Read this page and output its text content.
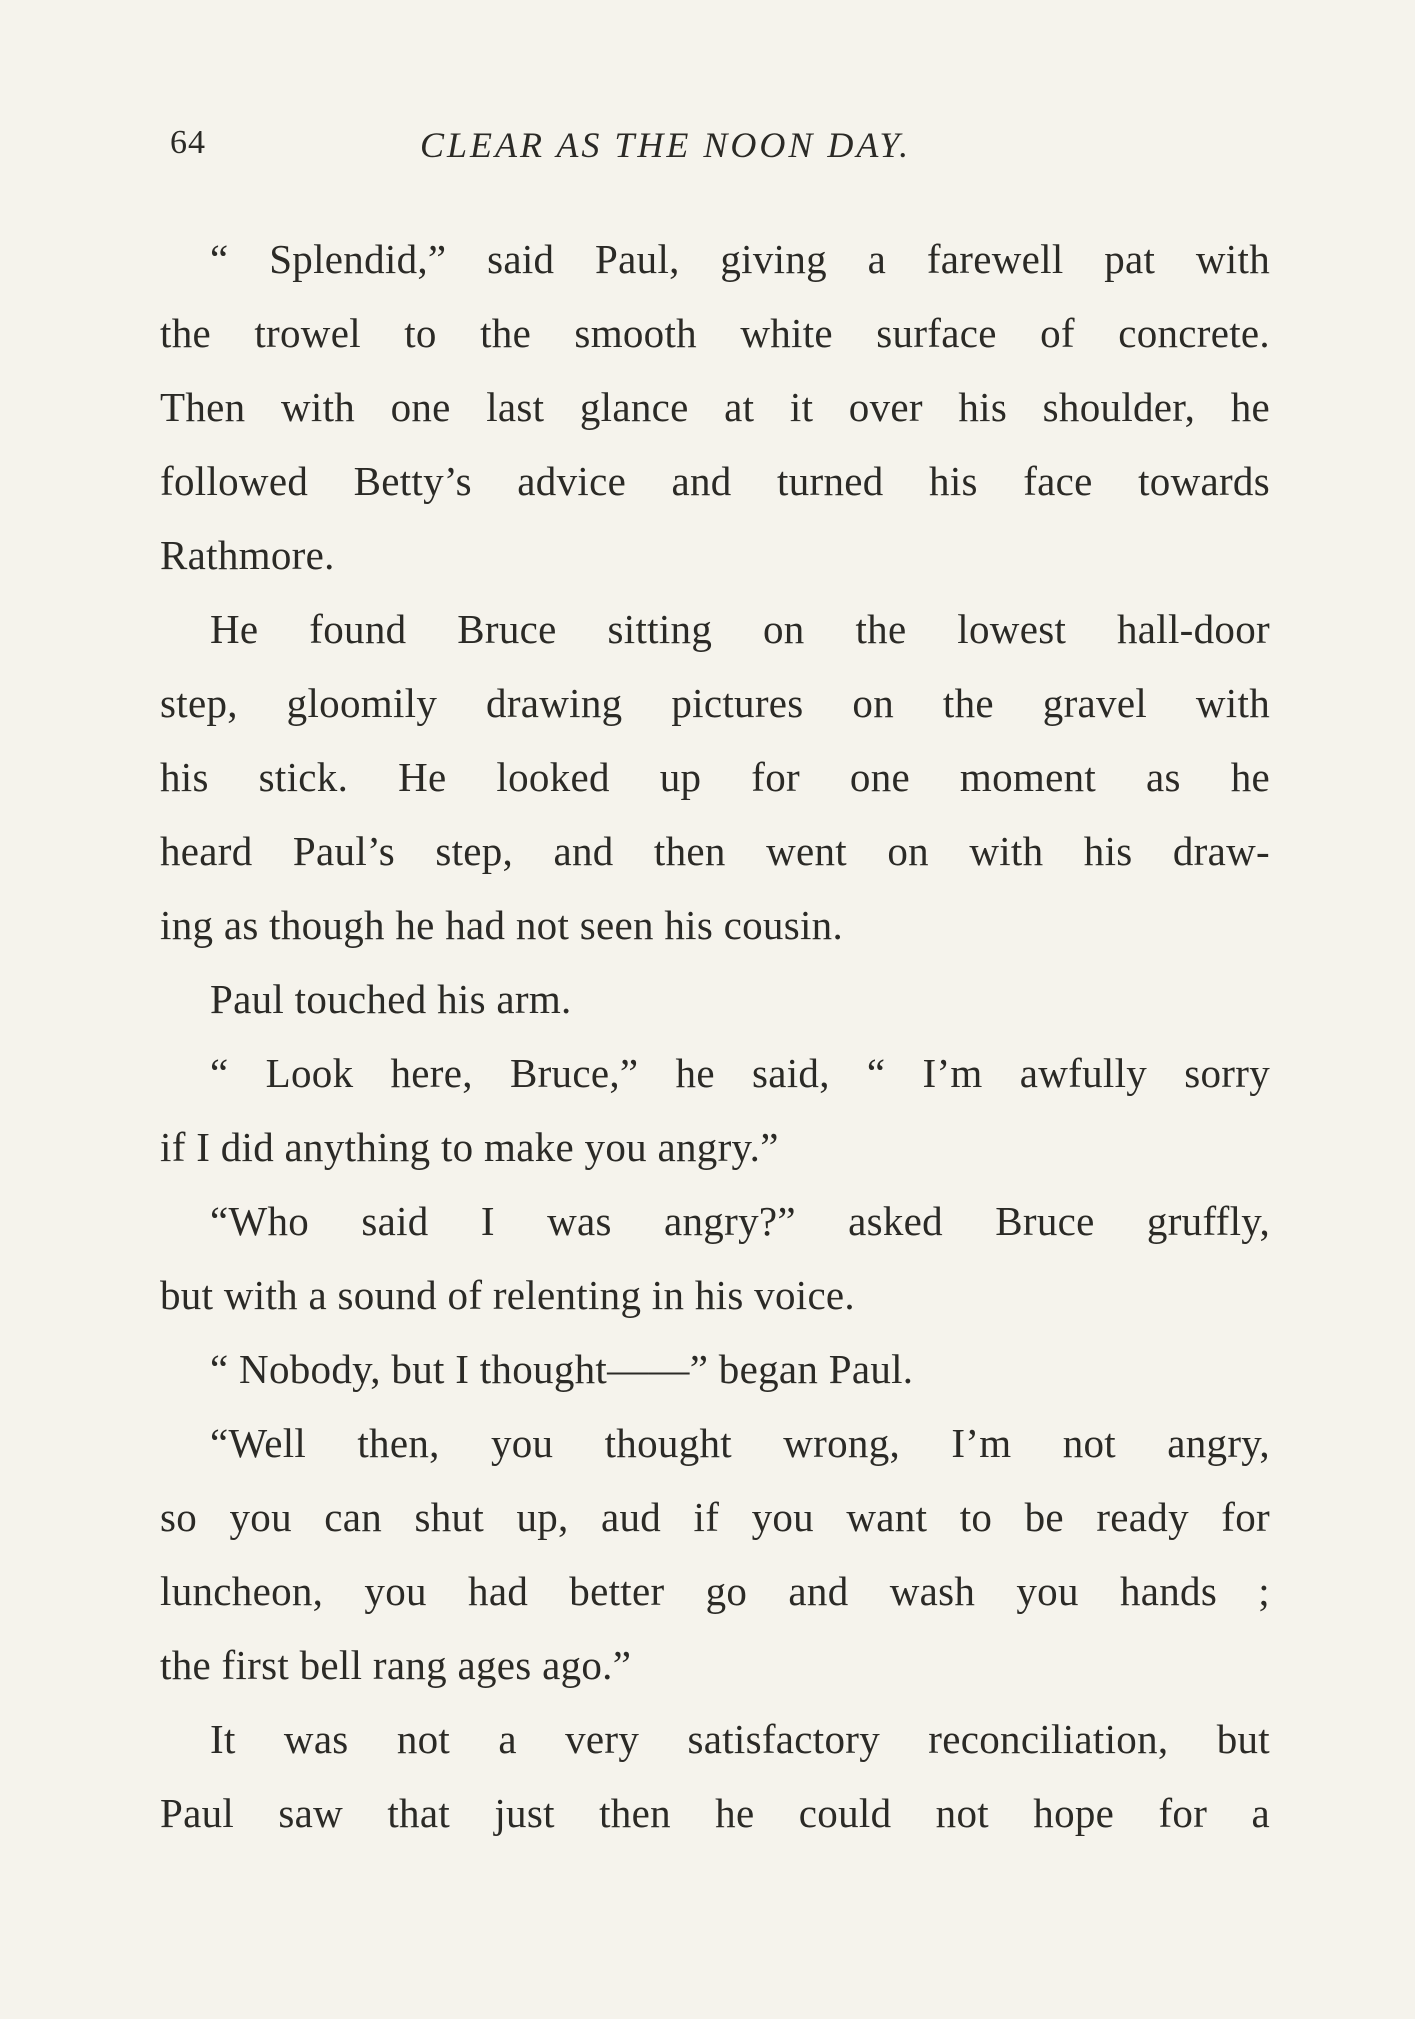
64	CLEAR AS THE NOON DAY.
“ Splendid,” said Paul, giving a farewell pat with
the trowel to the smooth white surface of concrete.
Then with one last glance at it over his shoulder, he
followed Betty’s advice and turned his face towards
Rathmore.
He found Bruce sitting on the lowest hall-door
step, gloomily drawing pictures on the gravel with
his stick. He looked up for one moment as he
heard Paul’s step, and then went on with his draw-
ing as though he had not seen his cousin.
Paul touched his arm.
“ Look here, Bruce,” he said, “ I’m awfully sorry
if I did anything to make you angry.”
“Who said I was angry?” asked Bruce gruffly,
but with a sound of relenting in his voice.
“ Nobody, but I thought——” began Paul.
“Well then, you thought wrong, I’m not angry,
so you can shut up, aud if you want to be ready for
luncheon, you had better go and wash you hands ;
the first bell rang ages ago.”
It was not a very satisfactory reconciliation, but
Paul saw that just then he could not hope for a
